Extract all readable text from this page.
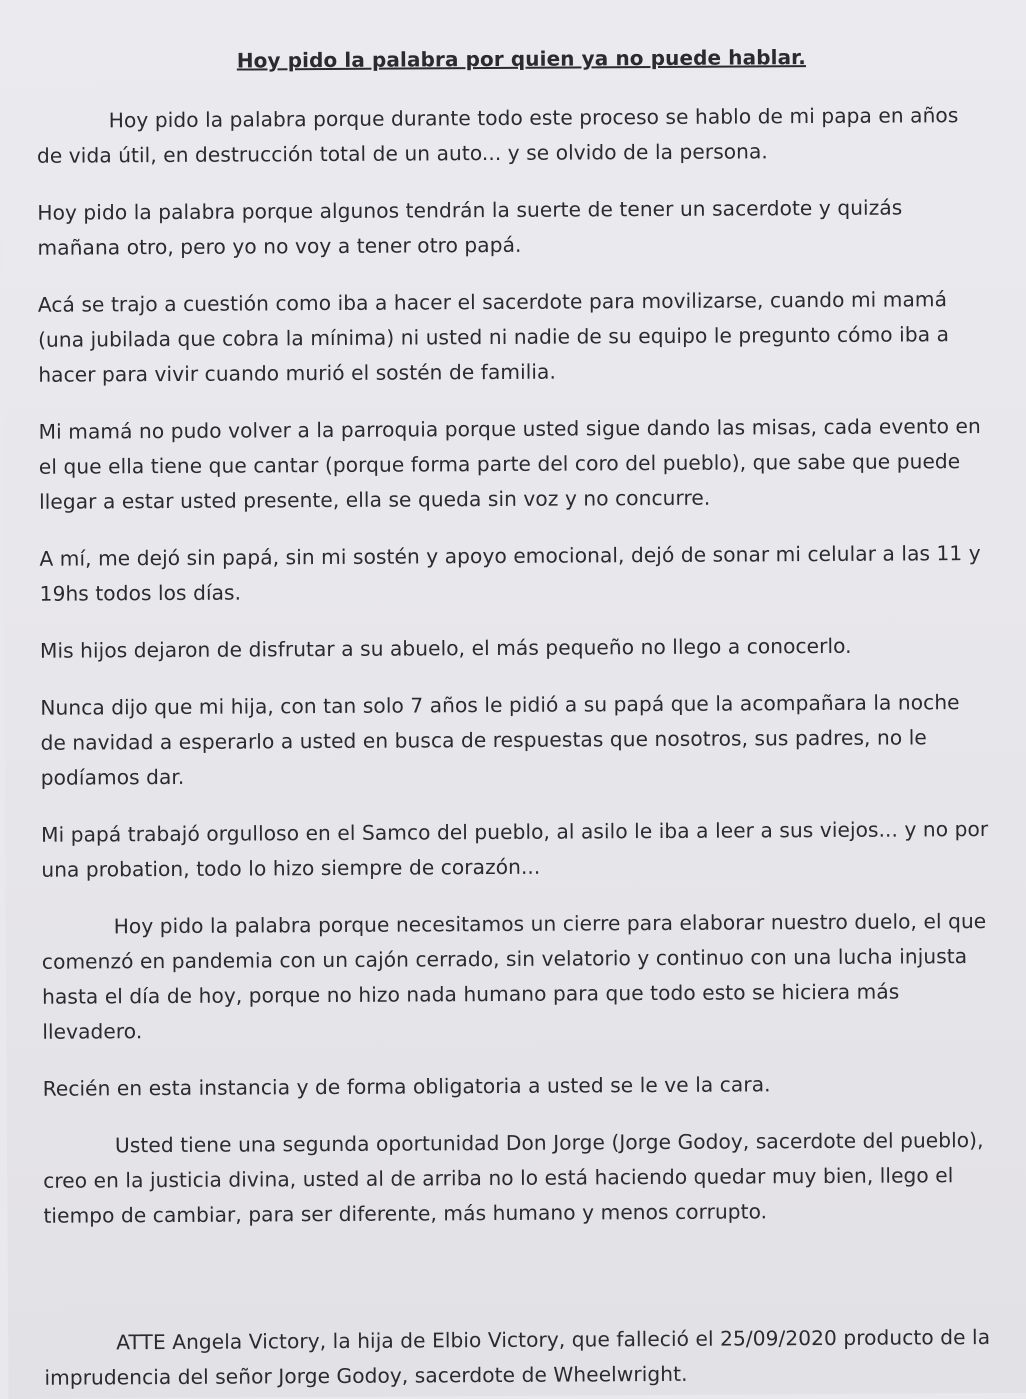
Hoy pido la palabra por quien ya no puede hablar.

Hoy pido la palabra porque durante todo este proceso se hablo de mi papa en años de vida útil, en destrucción total de un auto... y se olvido de la persona.

Hoy pido la palabra porque algunos tendrán la suerte de tener un sacerdote y quizás mañana otro, pero yo no voy a tener otro papá.

Acá se trajo a cuestión como iba a hacer el sacerdote para movilizarse, cuando mi mamá (una jubilada que cobra la mínima) ni usted ni nadie de su equipo le pregunto cómo iba a hacer para vivir cuando murió el sostén de familia.

Mi mamá no pudo volver a la parroquia porque usted sigue dando las misas, cada evento en el que ella tiene que cantar (porque forma parte del coro del pueblo), que sabe que puede llegar a estar usted presente, ella se queda sin voz y no concurre.

A mí, me dejó sin papá, sin mi sostén y apoyo emocional, dejó de sonar mi celular a las 11 y 19hs todos los días.

Mis hijos dejaron de disfrutar a su abuelo, el más pequeño no llego a conocerlo.

Nunca dijo que mi hija, con tan solo 7 años le pidió a su papá que la acompañara la noche de navidad a esperarlo a usted en busca de respuestas que nosotros, sus padres, no le podíamos dar.

Mi papá trabajó orgulloso en el Samco del pueblo, al asilo le iba a leer a sus viejos... y no por una probation, todo lo hizo siempre de corazón...

Hoy pido la palabra porque necesitamos un cierre para elaborar nuestro duelo, el que comenzó en pandemia con un cajón cerrado, sin velatorio y continuo con una lucha injusta hasta el día de hoy, porque no hizo nada humano para que todo esto se hiciera más llevadero.

Recién en esta instancia y de forma obligatoria a usted se le ve la cara.

Usted tiene una segunda oportunidad Don Jorge (Jorge Godoy, sacerdote del pueblo), creo en la justicia divina, usted al de arriba no lo está haciendo quedar muy bien, llego el tiempo de cambiar, para ser diferente, más humano y menos corrupto.

ATTE Angela Victory, la hija de Elbio Victory, que falleció el 25/09/2020 producto de la imprudencia del señor Jorge Godoy, sacerdote de Wheelwright.
